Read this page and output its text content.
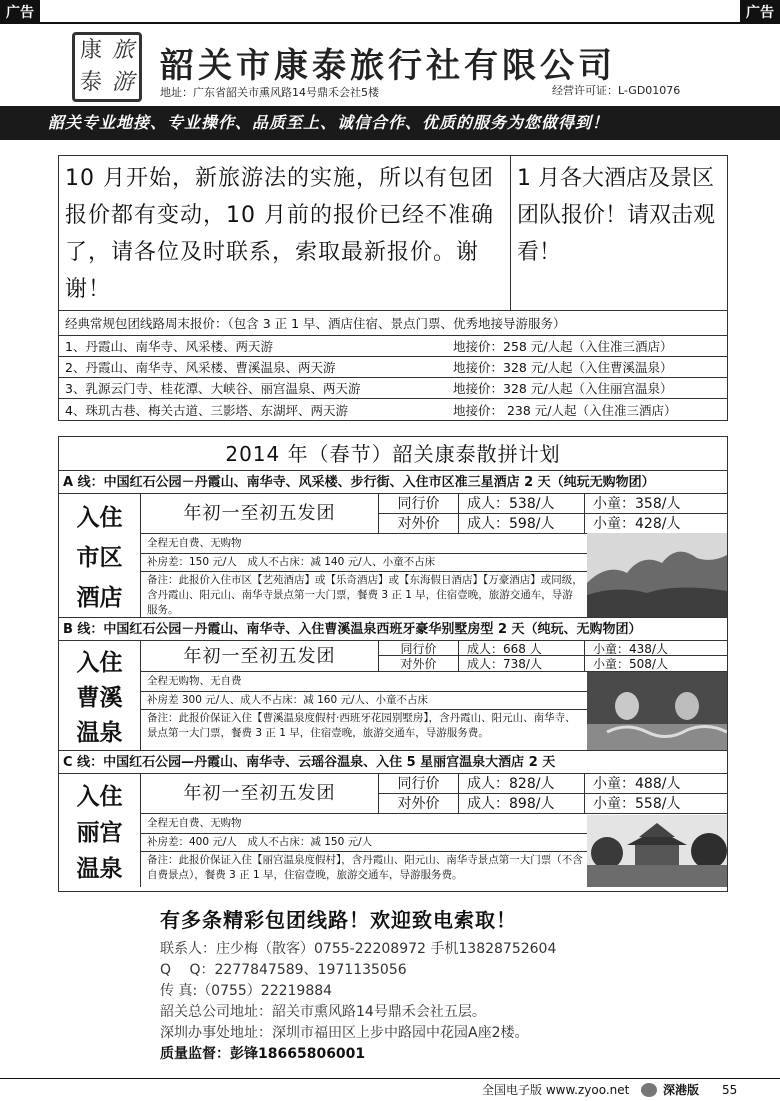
广告	广告
康 旅
泰 游 韶关市康泰旅行社有限公司
地址：广东省韶关市熏风路14号鼎禾会社5楼	经营许可证：L-GD01076
韶关专业地接、专业操作、品质至上、诚信合作、优质的服务为您做得到！
10 月开始，新旅游法的实施，所以有包团报价都有变动，10 月前的报价已经不准确了，请各位及时联系，索取最新报价。谢谢！
1 月各大酒店及景区团队报价！请双击观看！
经典常规包团线路周末报价：（包含 3 正 1 早、酒店住宿、景点门票、优秀地接导游服务）
1、丹霞山、南华寺、风采楼、两天游	地接价：258 元/人起（入住准三酒店）
2、丹霞山、南华寺、风采楼、曹溪温泉、两天游	地接价：328 元/人起（入住曹溪温泉）
3、乳源云门寺、桂花潭、大峡谷、丽宫温泉、两天游	地接价：328 元/人起（入住丽宫温泉）
4、珠玑古巷、梅关古道、三影塔、东湖坪、两天游	地接价： 238 元/人起（入住准三酒店）
2014 年（春节）韶关康泰散拼计划
A 线：中国红石公园－丹霞山、南华寺、风采楼、步行街、入住市区准三星酒店 2 天（纯玩无购物团）
入住
市区
酒店
年初一至初五发团	同行价	成人：538/人	小童：358/人
对外价	成人：598/人	小童：428/人
全程无自费、无购物
补房差：150 元/人　成人不占床：减 140 元/人、小童不占床
备注：此报价入住市区【艺苑酒店】或【乐奇酒店】或【东海假日酒店】【万豪酒店】或同级，含丹霞山、阳元山、南华寺景点第一大门票，餐费 3 正 1 早，住宿壹晚，旅游交通车，导游服务。
B 线：中国红石公园－丹霞山、南华寺、入住曹溪温泉西班牙豪华别墅房型 2 天（纯玩、无购物团）
入住
曹溪
温泉
年初一至初五发团	同行价	成人：668 人	小童：438/人
对外价	成人：738/人	小童：508/人
全程无购物、无自费
补房差 300 元/人、成人不占床：减 160 元/人、小童不占床
备注：此报价保证入住【曹溪温泉度假村·西班牙花园别墅房】，含丹霞山、阳元山、南华寺、景点第一大门票，餐费 3 正 1 早，住宿壹晚，旅游交通车，导游服务费。
C 线：中国红石公园—丹霞山、南华寺、云瑶谷温泉、入住 5 星丽宫温泉大酒店 2 天
入住
丽宫
温泉
年初一至初五发团	同行价	成人：828/人	小童：488/人
对外价	成人：898/人	小童：558/人
全程无自费、无购物
补房差：400 元/人　成人不占床：减 150 元/人
备注：此报价保证入住【丽宫温泉度假村】，含丹霞山、阳元山、南华寺景点第一大门票（不含自费景点），餐费 3 正 1 早，住宿壹晚，旅游交通车，导游服务费。
有多条精彩包团线路！欢迎致电索取！
联系人：庄少梅（散客）0755-22208972 手机13828752604
Q　 Q：2277847589、1971135056
传 真:（0755）22219884
韶关总公司地址：韶关市熏风路14号鼎禾会社五层。
深圳办事处地址：深圳市福田区上步中路园中花园A座2楼。
质量监督：彭锋18665806001
全国电子版 www.zyoo.net	深港版 55
